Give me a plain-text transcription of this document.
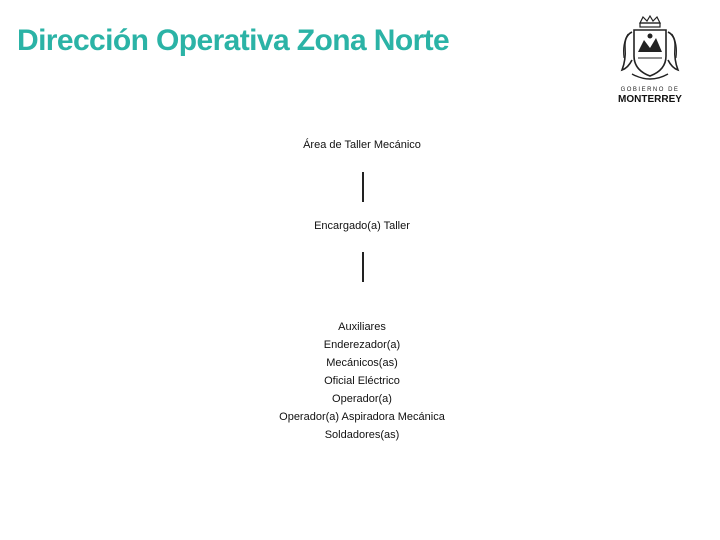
Dirección Operativa Zona Norte
GOBIERNO DE
MONTERREY
Área de Taller Mecánico
Encargado(a) Taller
Auxiliares
Enderezador(a)
Mecánicos(as)
Oficial Eléctrico
Operador(a)
Operador(a) Aspiradora Mecánica
Soldadores(as)
